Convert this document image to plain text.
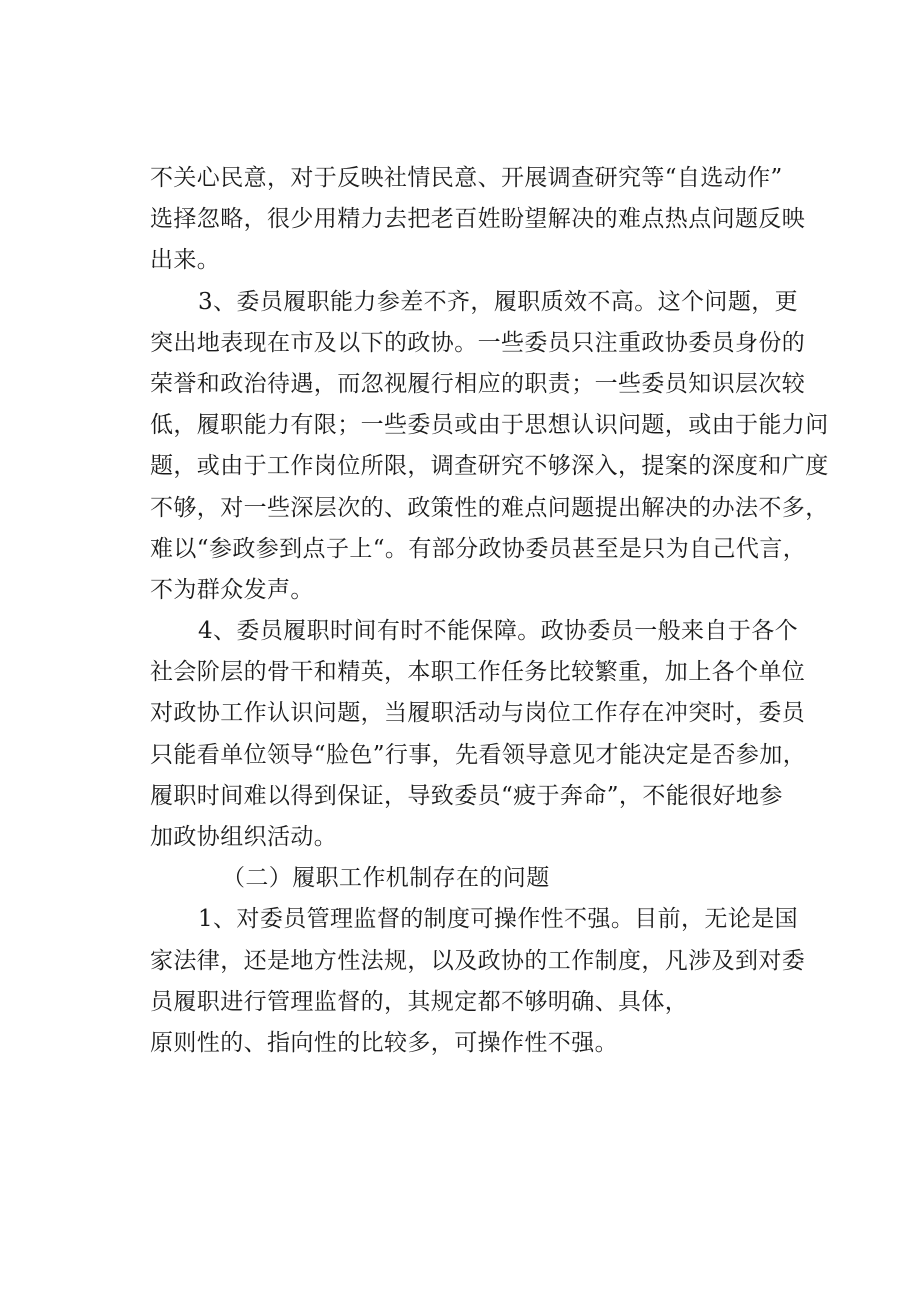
不关心民意，对于反映社情民意、开展调查研究等“自选动作”
选择忽略，很少用精力去把老百姓盼望解决的难点热点问题反映
出来。
3、委员履职能力参差不齐，履职质效不高。这个问题，更
突出地表现在市及以下的政协。一些委员只注重政协委员身份的
荣誉和政治待遇，而忽视履行相应的职责；一些委员知识层次较
低，履职能力有限；一些委员或由于思想认识问题，或由于能力问
题，或由于工作岗位所限，调查研究不够深入，提案的深度和广度
不够，对一些深层次的、政策性的难点问题提出解决的办法不多，
难以“参政参到点子上“。有部分政协委员甚至是只为自己代言，
不为群众发声。
4、委员履职时间有时不能保障。政协委员一般来自于各个
社会阶层的骨干和精英，本职工作任务比较繁重，加上各个单位
对政协工作认识问题，当履职活动与岗位工作存在冲突时，委员
只能看单位领导“脸色”行事，先看领导意见才能决定是否参加，
履职时间难以得到保证，导致委员“疲于奔命”，不能很好地参
加政协组织活动。
（二）履职工作机制存在的问题
1、对委员管理监督的制度可操作性不强。目前，无论是国
家法律，还是地方性法规，以及政协的工作制度，凡涉及到对委
员履职进行管理监督的，其规定都不够明确、具体，
原则性的、指向性的比较多，可操作性不强。
